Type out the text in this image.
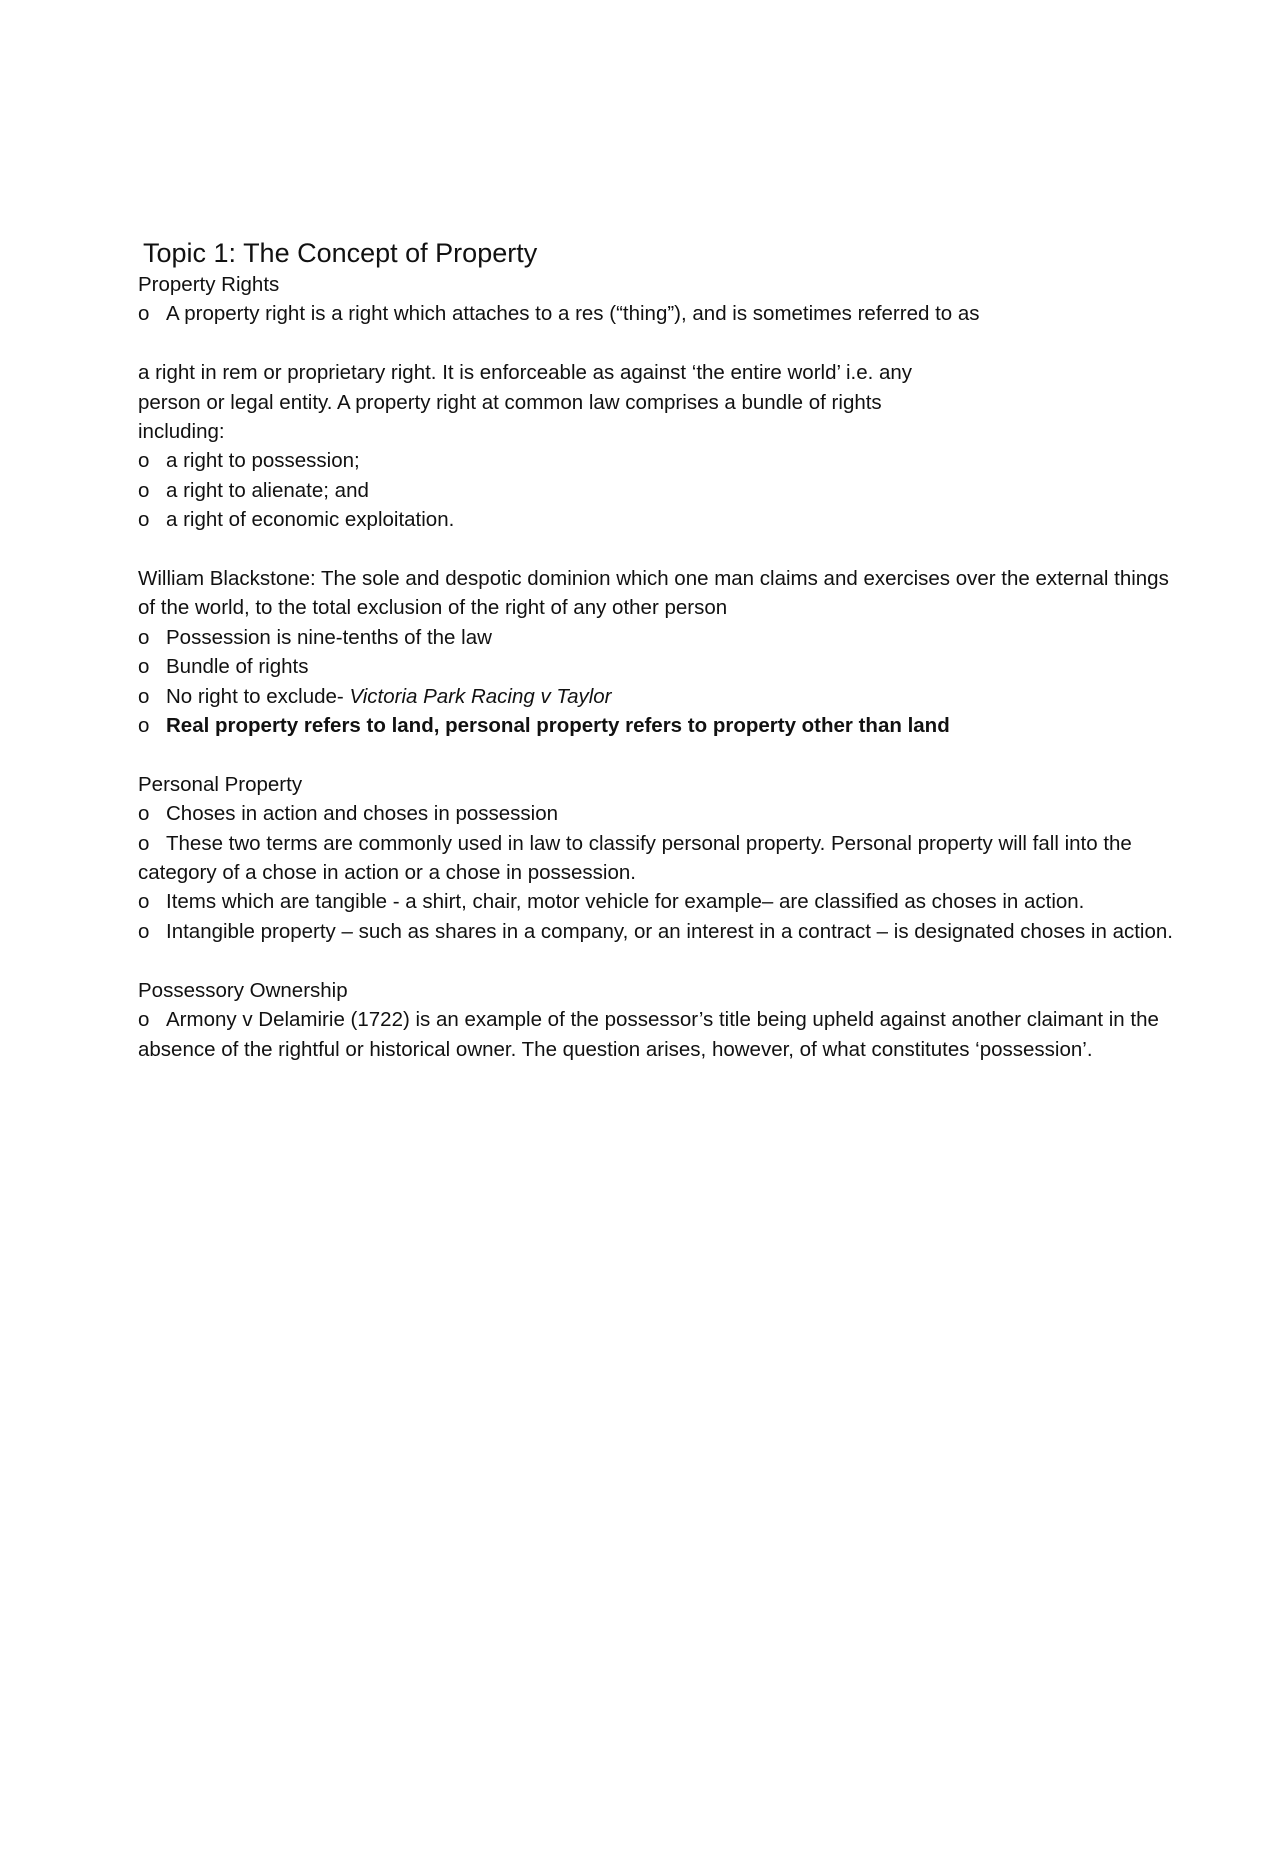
Topic 1: The Concept of Property

Property Rights

o A property right is a right which attaches to a res (“thing”), and is sometimes referred to as

a right in rem or proprietary right. It is enforceable as against ‘the entire world’ i.e. any

person or legal entity. A property right at common law comprises a bundle of rights

including:

o a right to possession;

o a right to alienate; and

o a right of economic exploitation.

William Blackstone: The sole and despotic dominion which one man claims and exercises over the external things of the world, to the total exclusion of the right of any other person

o Possession is nine-tenths of the law

o Bundle of rights

o No right to exclude- Victoria Park Racing v Taylor

o Real property refers to land, personal property refers to property other than land

Personal Property

o Choses in action and choses in possession

o These two terms are commonly used in law to classify personal property. Personal property will fall into the category of a chose in action or a chose in possession.

o Items which are tangible - a shirt, chair, motor vehicle for example– are classified as choses in action.

o Intangible property – such as shares in a company, or an interest in a contract – is designated choses in action.

Possessory Ownership

o Armony v Delamirie (1722) is an example of the possessor’s title being upheld against another claimant in the absence of the rightful or historical owner. The question arises, however, of what constitutes ‘possession’.
